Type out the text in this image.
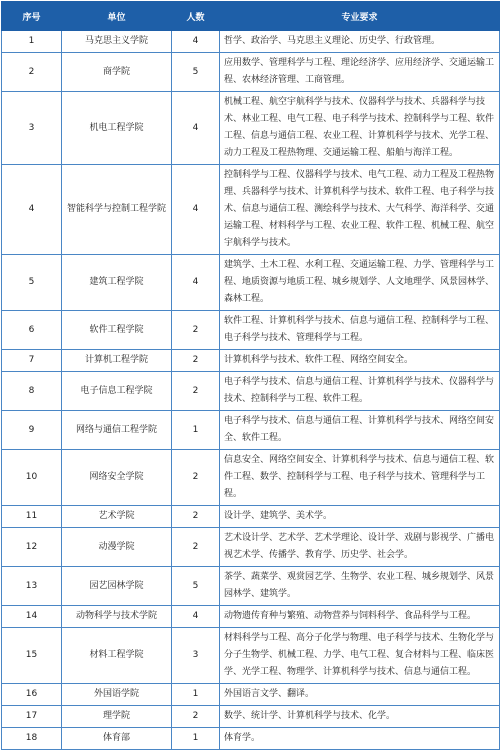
序号	单位	人数	专业要求
1	马克思主义学院	4	哲学、政治学、马克思主义理论、历史学、行政管理。
2	商学院	5	应用数学、管理科学与工程、理论经济学、应用经济学、交通运输工程、农林经济管理、工商管理。
3	机电工程学院	4	机械工程、航空宇航科学与技术、仪器科学与技术、兵器科学与技术、林业工程、电气工程、电子科学与技术、控制科学与工程、软件工程、信息与通信工程、农业工程、计算机科学与技术、光学工程、动力工程及工程热物理、交通运输工程、船舶与海洋工程。
4	智能科学与控制工程学院	4	控制科学与工程、仪器科学与技术、电气工程、动力工程及工程热物理、兵器科学与技术、计算机科学与技术、软件工程、电子科学与技术、信息与通信工程、测绘科学与技术、大气科学、海洋科学、交通运输工程、材料科学与工程、农业工程、软件工程、机械工程、航空宇航科学与技术。
5	建筑工程学院	4	建筑学、土木工程、水利工程、交通运输工程、力学、管理科学与工程、地质资源与地质工程、城乡规划学、人文地理学、风景园林学、森林工程。
6	软件工程学院	2	软件工程、计算机科学与技术、信息与通信工程、控制科学与工程、电子科学与技术、管理科学与工程。
7	计算机工程学院	2	计算机科学与技术、软件工程、网络空间安全。
8	电子信息工程学院	2	电子科学与技术、信息与通信工程、计算机科学与技术、仪器科学与技术、控制科学与工程、软件工程。
9	网络与通信工程学院	1	电子科学与技术、信息与通信工程、计算机科学与技术、网络空间安全、软件工程。
10	网络安全学院	2	信息安全、网络空间安全、计算机科学与技术、信息与通信工程、软件工程、数学、控制科学与工程、电子科学与技术、管理科学与工程。
11	艺术学院	2	设计学、建筑学、美术学。
12	动漫学院	2	艺术设计学、艺术学、艺术学理论、设计学、戏剧与影视学、广播电视艺术学、传播学、教育学、历史学、社会学。
13	园艺园林学院	5	茶学、蔬菜学、观赏园艺学、生物学、农业工程、城乡规划学、风景园林学、建筑学。
14	动物科学与技术学院	4	动物遗传育种与繁殖、动物营养与饲料科学、食品科学与工程。
15	材料工程学院	3	材料科学与工程、高分子化学与物理、电子科学与技术、生物化学与分子生物学、机械工程、力学、电气工程、复合材料与工程、临床医学、光学工程、物理学、计算机科学与技术、信息与通信工程。
16	外国语学院	1	外国语言文学、翻译。
17	理学院	2	数学、统计学、计算机科学与技术、化学。
18	体育部	1	体育学。
